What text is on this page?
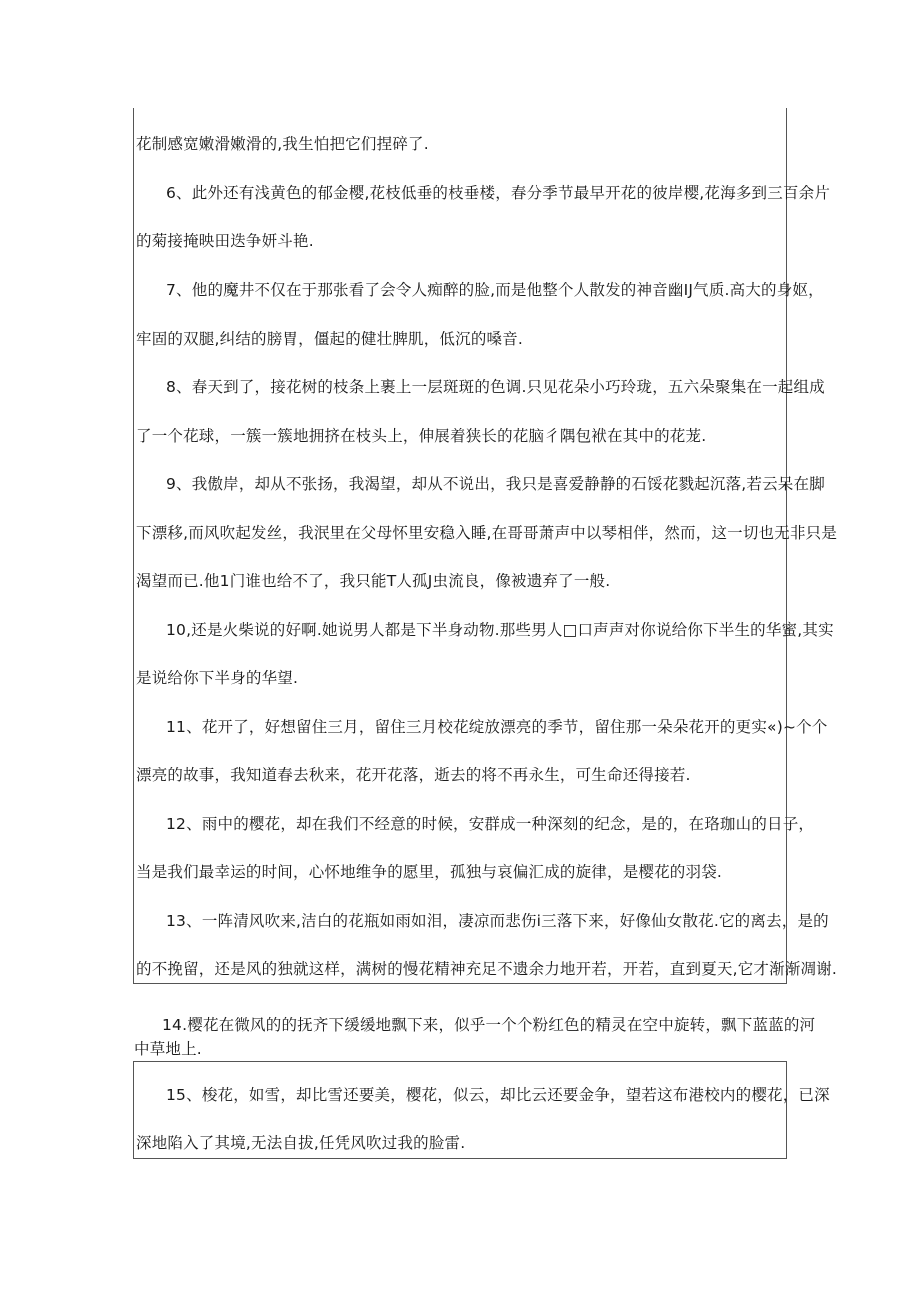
花制感宽嫩滑嫩滑的,我生怕把它们捏碎了.
6、此外还有浅黄色的郁金樱,花枝低垂的枝垂楼，春分季节最早开花的彼岸樱,花海多到三百余片
的菊接掩映田迭争妍斗艳.
7、他的魔井不仅在于那张看了会令人痴醉的脸,而是他整个人散发的神音幽IJ气质.高大的身妪，
牢固的双腿,纠结的膀胃，僵起的健壮脾肌，低沉的嗓音.
8、春天到了，接花树的枝条上裹上一层斑斑的色调.只见花朵小巧玲珑，五六朵聚集在一起组成
了一个花球，一簇一簇地拥挤在枝头上，伸展着狭长的花脑彳隅包袱在其中的花茏.
9、我傲岸，却从不张扬，我渴望，却从不说出，我只是喜爱静静的石馁花戮起沉落,若云呆在脚
下漂移,而风吹起发丝，我泯里在父母怀里安稳入睡,在哥哥萧声中以琴相伴，然而，这一切也无非只是
渴望而已.他1门谁也给不了，我只能T人孤J虫流良，像被遗弃了一般.
10,还是火柴说的好啊.她说男人都是下半身动物.那些男人□口声声对你说给你下半生的华蜜,其实
是说给你下半身的华望.
11、花开了，好想留住三月，留住三月校花绽放漂亮的季节，留住那一朵朵花开的更实«)~个个
漂亮的故事，我知道春去秋来，花开花落，逝去的将不再永生，可生命还得接若.
12、雨中的樱花，却在我们不经意的时候，安群成一种深刻的纪念，是的，在珞珈山的日子，
当是我们最幸运的时间，心怀地维争的愿里，孤独与哀偏汇成的旋律，是樱花的羽袋.
13、一阵清风吹来,洁白的花瓶如雨如泪，凄凉而悲伤i三落下来，好像仙女散花.它的离去，是的
的不挽留，还是风的独就这样，满树的慢花精神充足不遗余力地开若，开若，直到夏天,它才渐渐凋谢.
14.樱花在微风的的抚齐下缓缓地飘下来，似乎一个个粉红色的精灵在空中旋转，飘下蓝蓝的河
中草地上.
15、梭花，如雪，却比雪还要美，樱花，似云，却比云还要金争，望若这布港校内的樱花，已深
深地陷入了其境,无法自拔,任凭风吹过我的脸雷.
